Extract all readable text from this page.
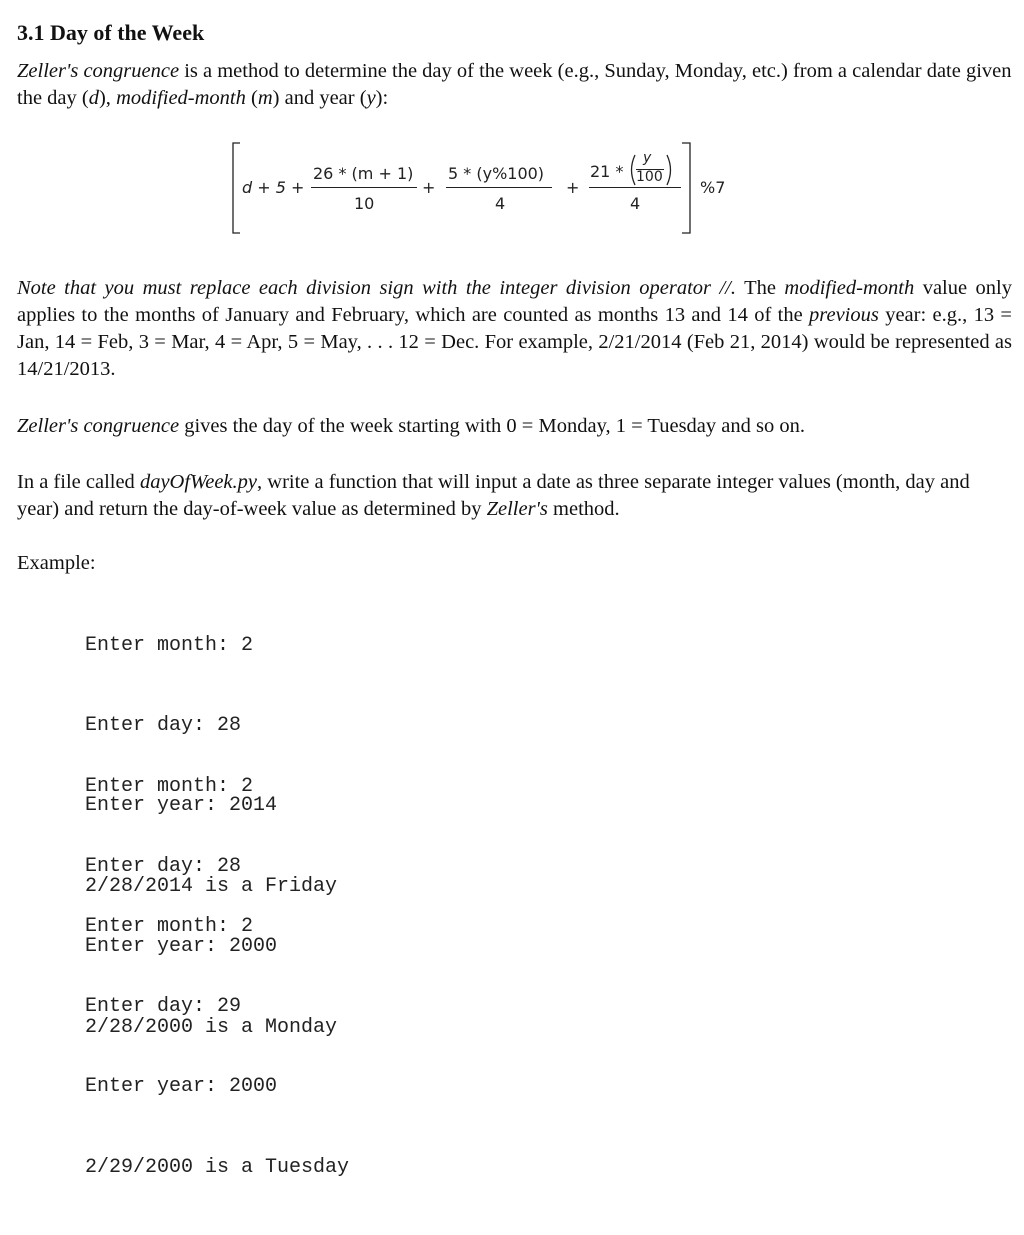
3.1 Day of the Week

Zeller's congruence is a method to determine the day of the week (e.g., Sunday, Monday, etc.) from a calendar date given the day (d), modified-month (m) and year (y):

Note that you must replace each division sign with the integer division operator //. The modified-month value only applies to the months of January and February, which are counted as months 13 and 14 of the previous year: e.g., 13 = Jan, 14 = Feb, 3 = Mar, 4 = Apr, 5 = May, . . . 12 = Dec. For example, 2/21/2014 (Feb 21, 2014) would be represented as 14/21/2013.

Zeller's congruence gives the day of the week starting with 0 = Monday, 1 = Tuesday and so on.

In a file called dayOfWeek.py, write a function that will input a date as three separate integer values (month, day and year) and return the day-of-week value as determined by Zeller's method.

Example:

Enter month: 2

Enter day: 28

Enter year: 2014

2/28/2014 is a Friday

Enter month: 2

Enter day: 28

Enter year: 2000

2/28/2000 is a Monday

Enter month: 2

Enter day: 29

Enter year: 2000

2/29/2000 is a Tuesday

d + 5 +
26 * (m + 1)
10
+
5 * (y%100)
4
+
21 *
y
100
4
%7
